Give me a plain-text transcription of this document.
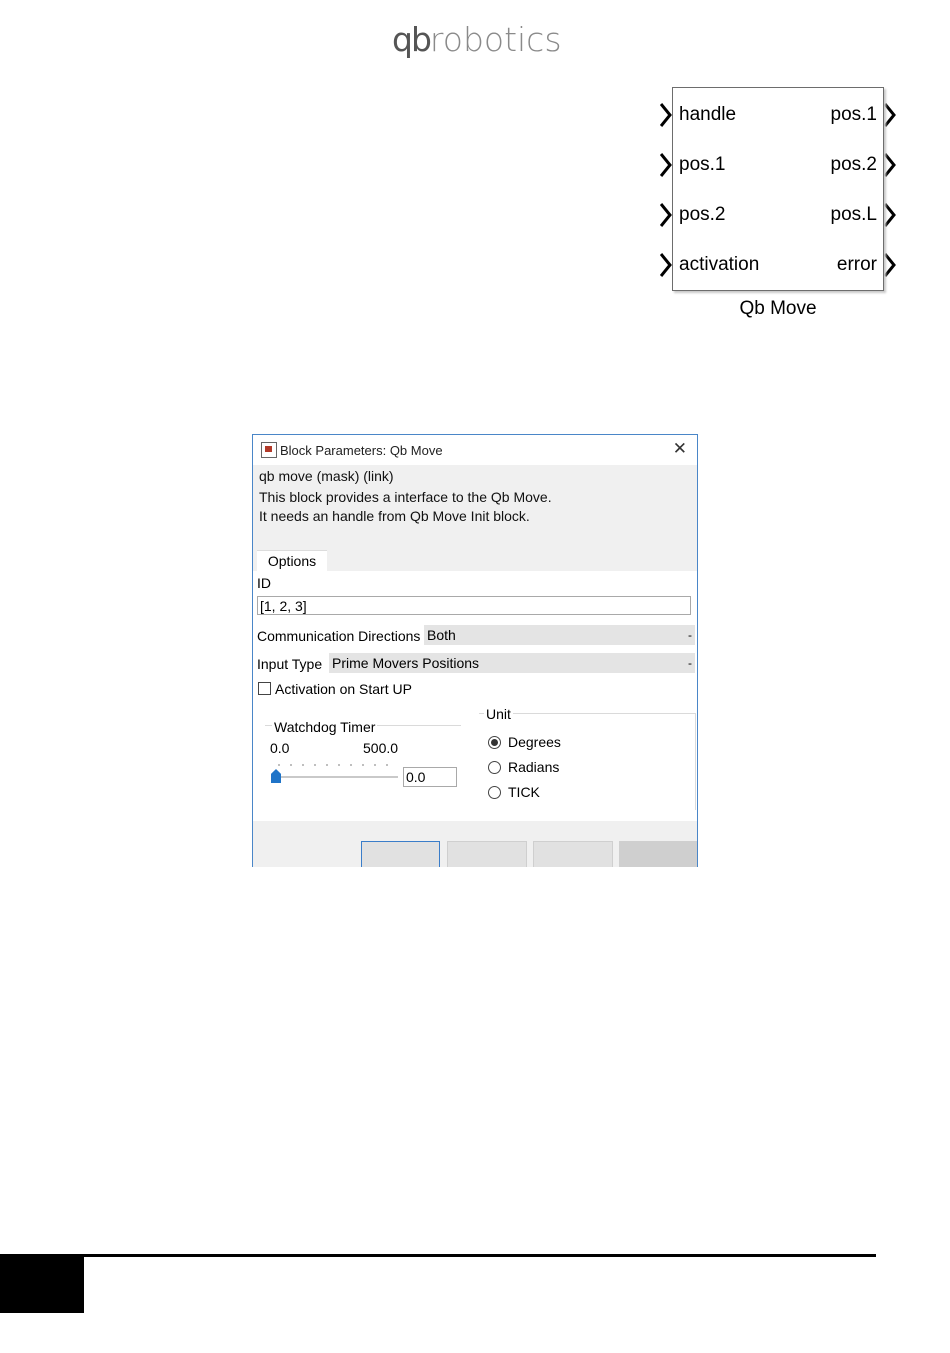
qbrobotics
handle
pos.1
pos.2
activation
pos.1
pos.2
pos.L
error
Qb Move
Block Parameters: Qb Move	✕
qb move (mask) (link)
This block provides a interface to the Qb Move.
It needs an handle from Qb Move Init block.
Options
ID
[1, 2, 3]
Communication Directions Both	-
Input Type Prime Movers Positions	-
Activation on Start UP
Watchdog Timer
0.0	500.0
0.0
Unit
Degrees
Radians
TICK
